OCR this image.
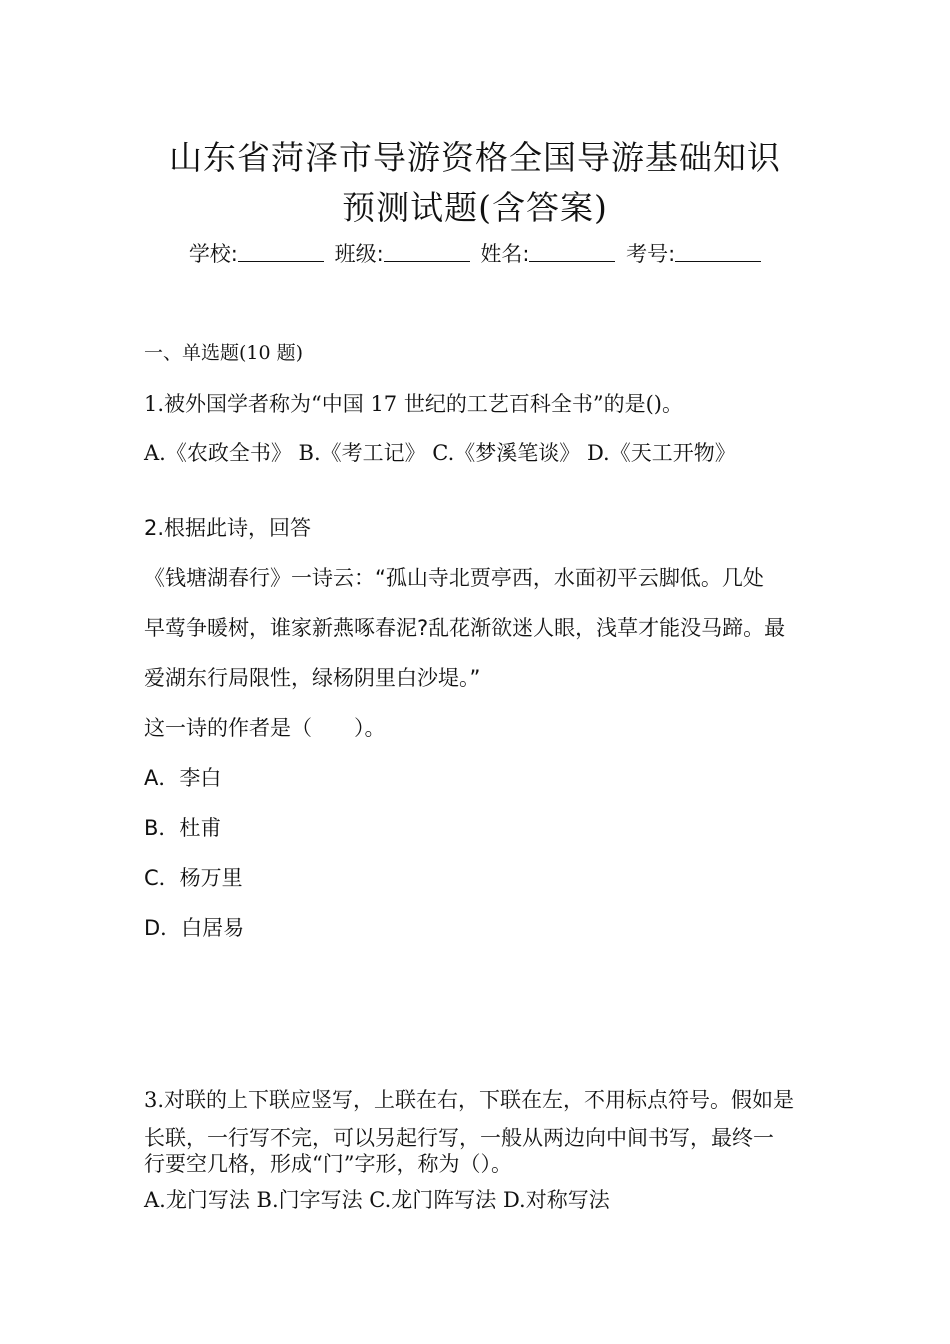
山东省菏泽市导游资格全国导游基础知识
预测试题(含答案)
学校:	班级:	姓名:	考号:
一、单选题(10 题)
1.被外国学者称为“中国 17 世纪的工艺百科全书”的是()。
A.《农政全书》 B.《考工记》 C.《梦溪笔谈》 D.《天工开物》
2.根据此诗，回答
《钱塘湖春行》一诗云：“孤山寺北贾亭西，水面初平云脚低。几处
早莺争暖树，谁家新燕啄春泥?乱花渐欲迷人眼，浅草才能没马蹄。最
爱湖东行局限性，绿杨阴里白沙堤。”
这一诗的作者是（　　）。
A．李白
B．杜甫
C．杨万里
D．白居易
3.对联的上下联应竖写，上联在右，下联在左，不用标点符号。假如是
长联，一行写不完，可以另起行写，一般从两边向中间书写，最终一
行要空几格，形成“门”字形，称为（）。
A.龙门写法 B.门字写法 C.龙门阵写法 D.对称写法
